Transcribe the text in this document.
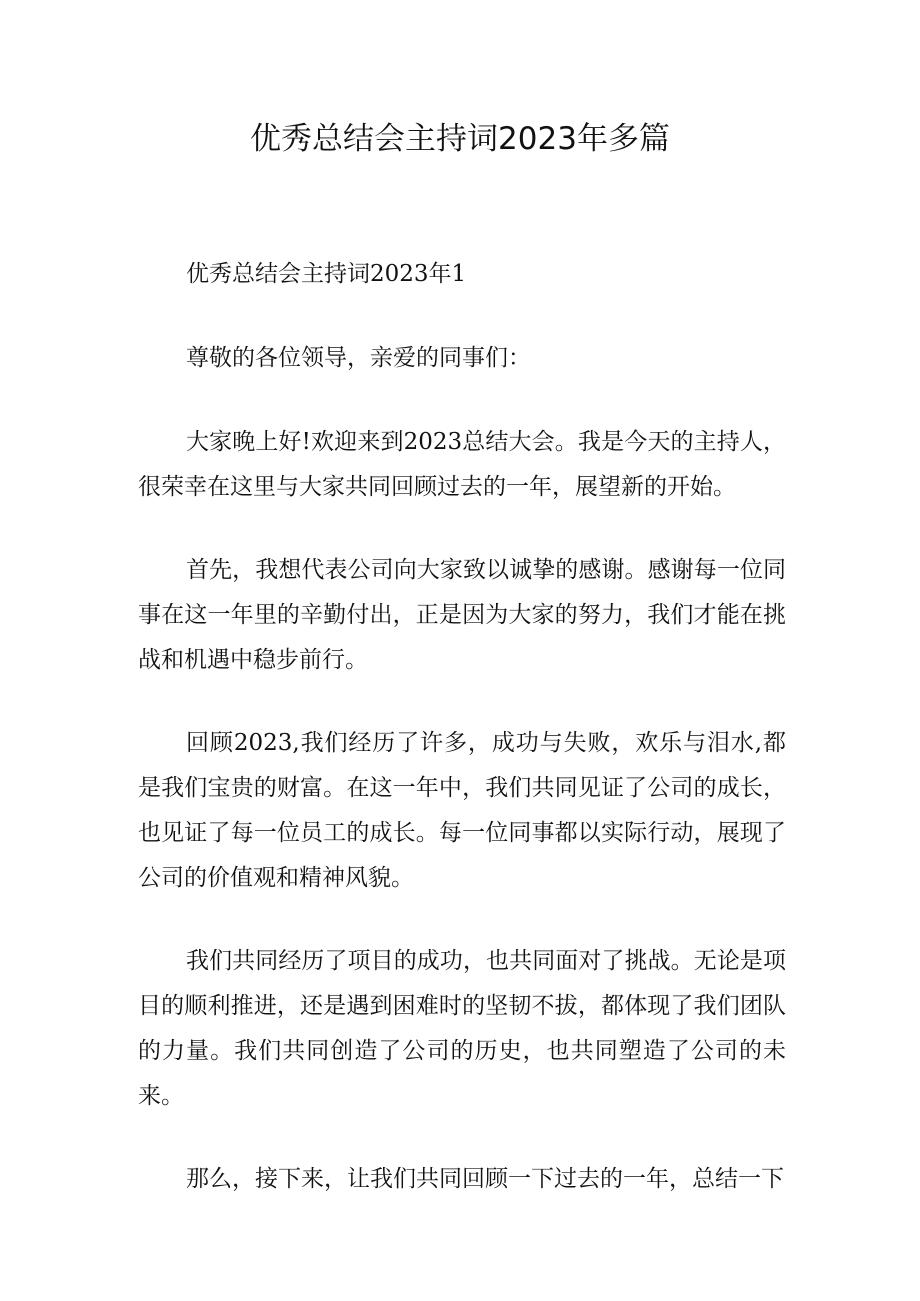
优秀总结会主持词2023年多篇

优秀总结会主持词2023年1

尊敬的各位领导，亲爱的同事们：

大家晚上好!欢迎来到2023总结大会。我是今天的主持人，很荣幸在这里与大家共同回顾过去的一年，展望新的开始。

首先，我想代表公司向大家致以诚挚的感谢。感谢每一位同事在这一年里的辛勤付出，正是因为大家的努力，我们才能在挑战和机遇中稳步前行。

回顾2023,我们经历了许多，成功与失败，欢乐与泪水,都是我们宝贵的财富。在这一年中，我们共同见证了公司的成长，也见证了每一位员工的成长。每一位同事都以实际行动，展现了公司的价值观和精神风貌。

我们共同经历了项目的成功，也共同面对了挑战。无论是项目的顺利推进，还是遇到困难时的坚韧不拔，都体现了我们团队的力量。我们共同创造了公司的历史，也共同塑造了公司的未来。

那么，接下来，让我们共同回顾一下过去的一年，总结一下
